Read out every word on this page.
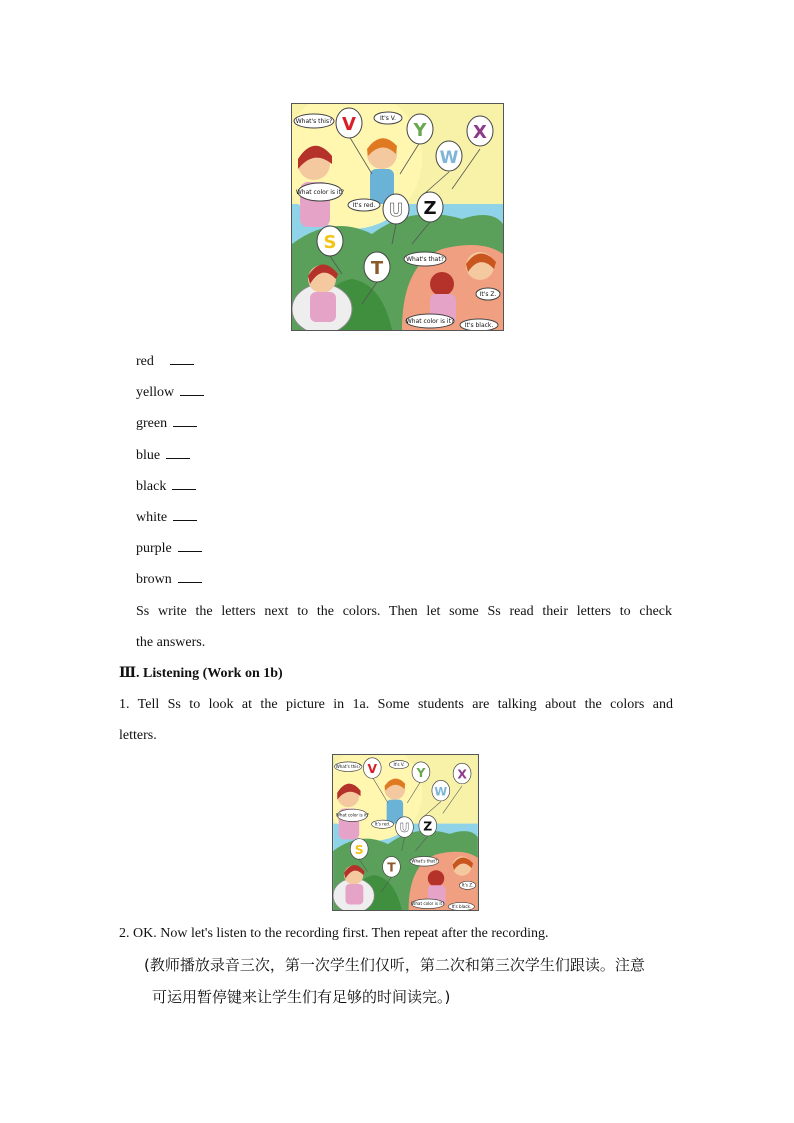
V	Y
W
X
U Z
S
T
What's this?	It's V.
What color is it?
It's red.
What's that?
It's Z.
What color is it?
It's black.
red
yellow
green
blue
black
white
purple
brown
Ss write the letters next to the colors. Then let some Ss read their letters to check
the answers.
Ⅲ. Listening (Work on 1b)
1. Tell Ss to look at the picture in 1a. Some students are talking about the colors and
letters.
V Y
W
X
U Z
S
T
What's this?	It's V.
What color is it?
It's red.
What's that?
It's Z.
What color is it?
It's black.
2. OK. Now let's listen to the recording first. Then repeat after the recording.
(教师播放录音三次，第一次学生们仅听，第二次和第三次学生们跟读。注意
可运用暂停键来让学生们有足够的时间读完。)
